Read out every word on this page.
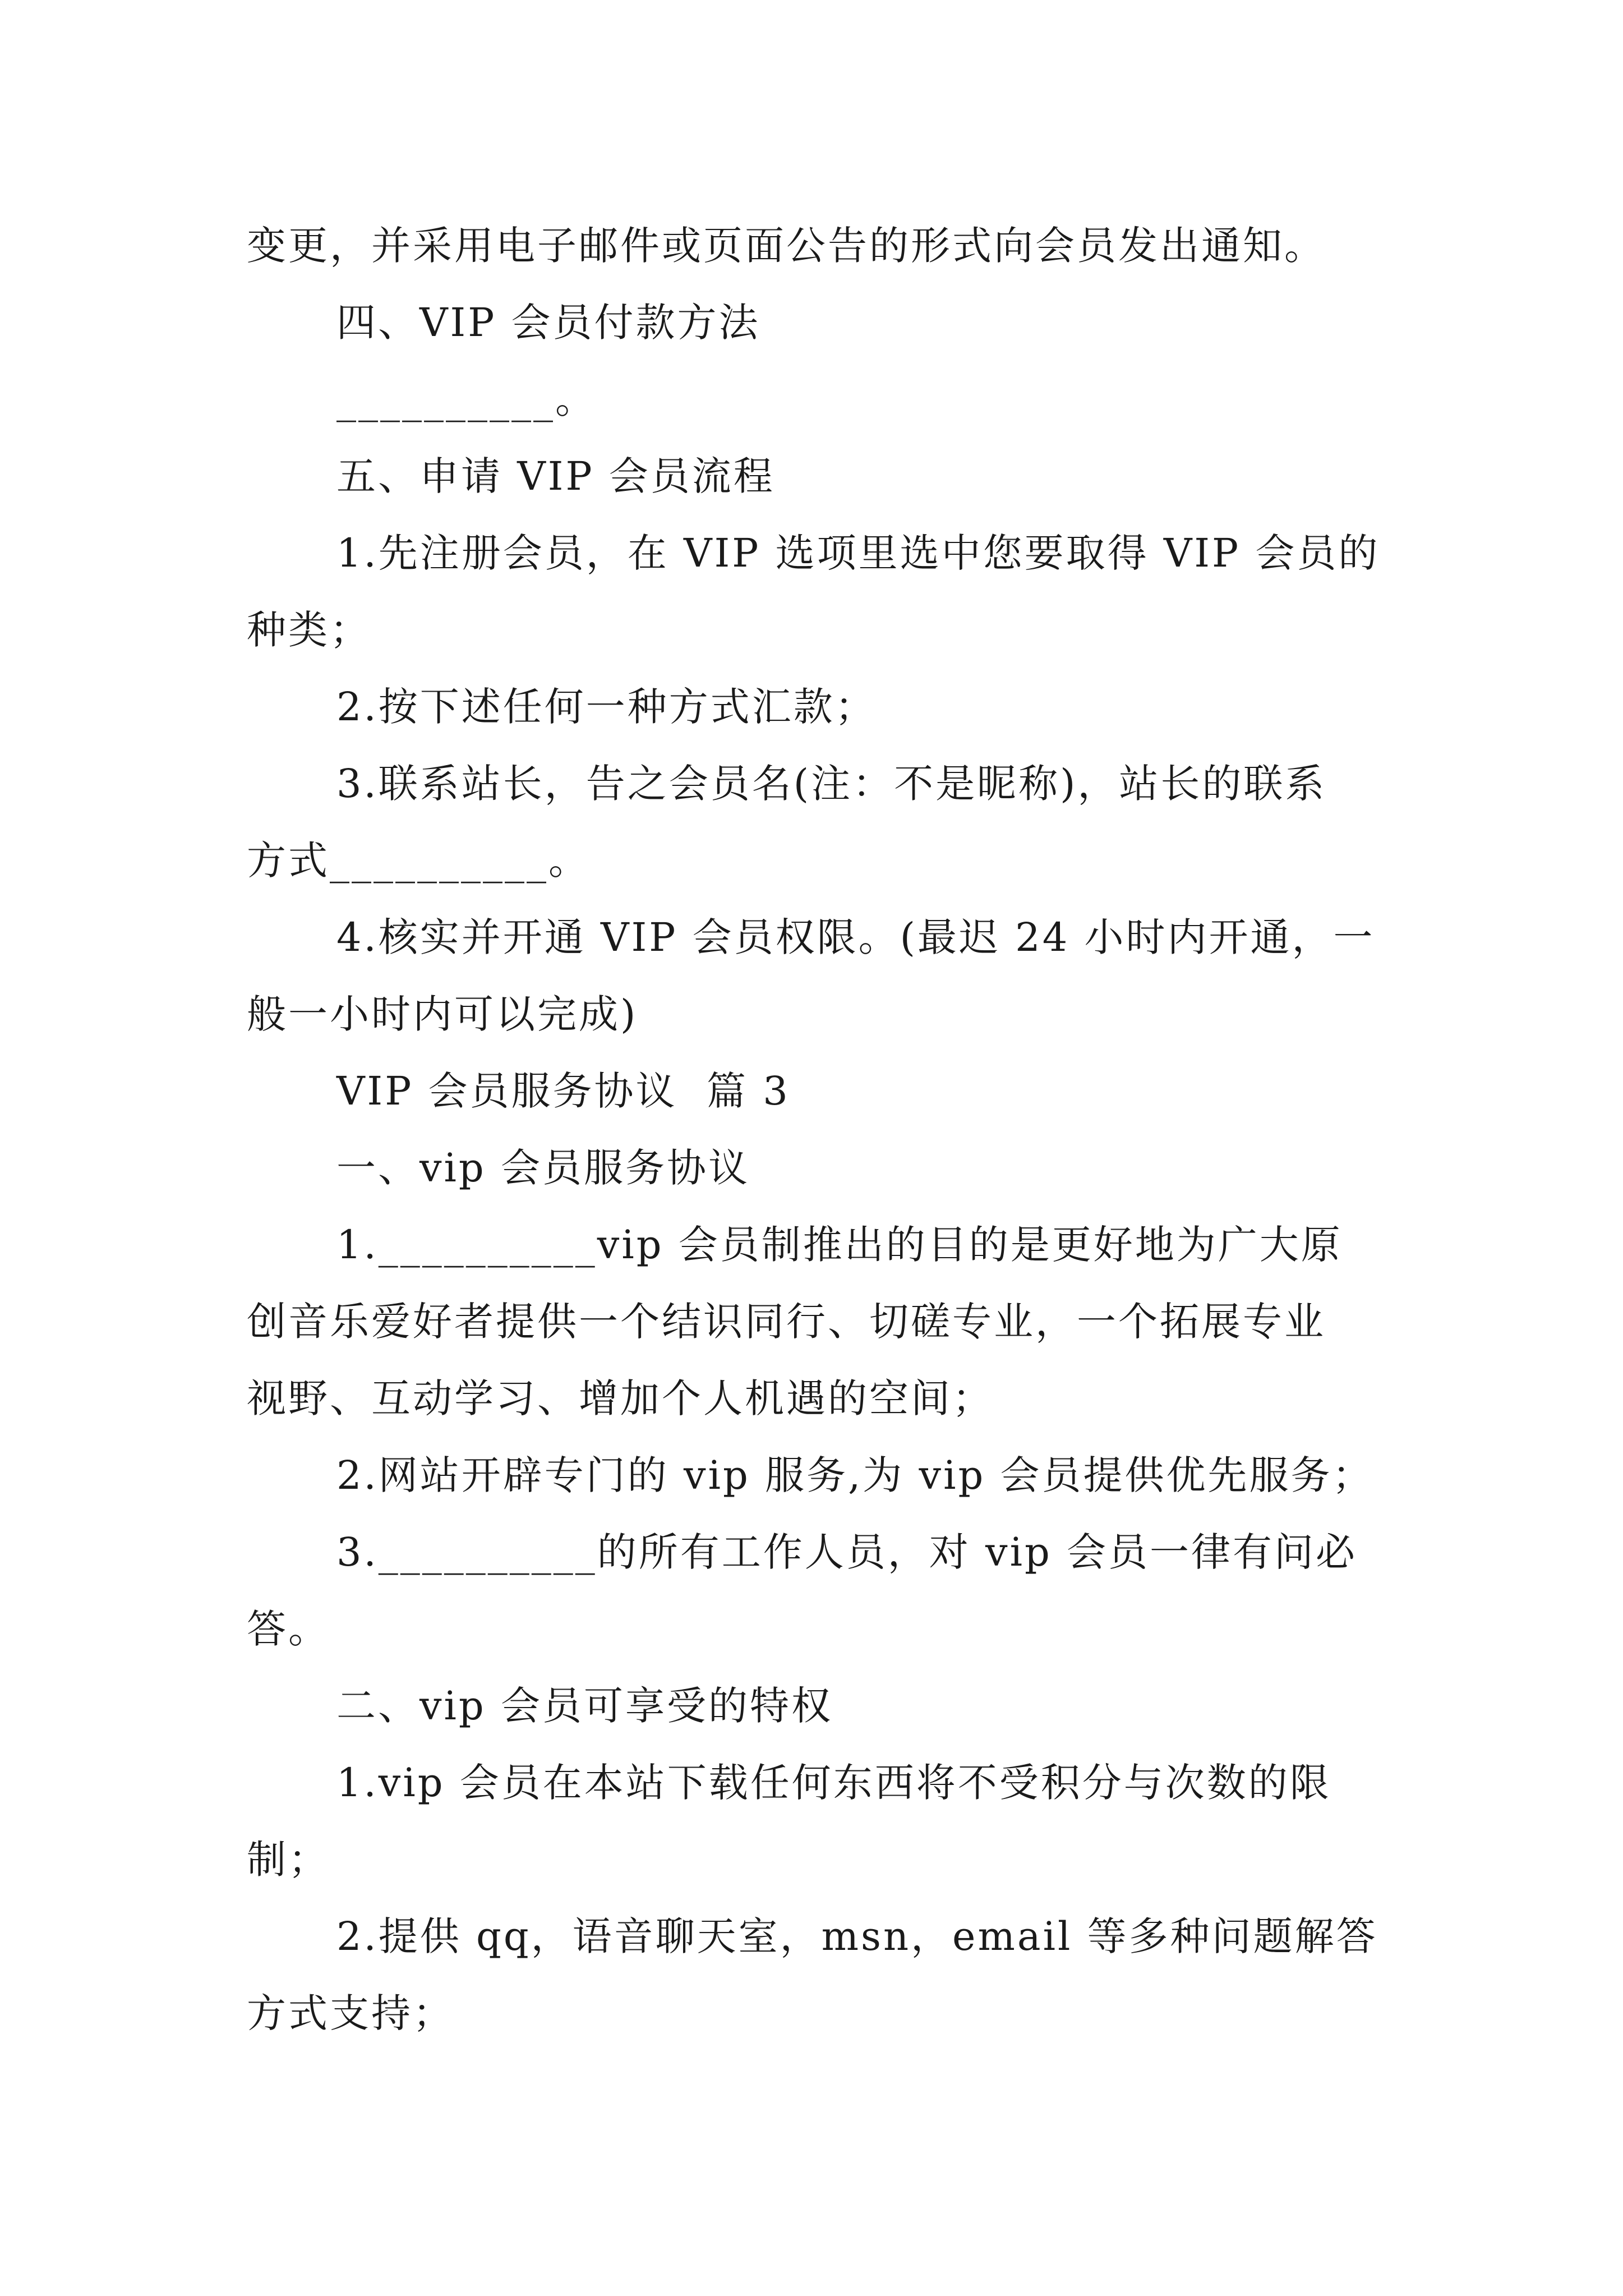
变更，并采用电子邮件或页面公告的形式向会员发出通知。

四、VIP 会员付款方法

__________。

五、申请 VIP 会员流程

1.先注册会员，在 VIP 选项里选中您要取得 VIP 会员的

种类；

2.按下述任何一种方式汇款；

3.联系站长，告之会员名(注：不是昵称)，站长的联系

方式__________。

4.核实并开通 VIP 会员权限。(最迟 24 小时内开通，一

般一小时内可以完成)

VIP 会员服务协议  篇 3

一、vip 会员服务协议

1.__________vip 会员制推出的目的是更好地为广大原

创音乐爱好者提供一个结识同行、切磋专业，一个拓展专业

视野、互动学习、增加个人机遇的空间；

2.网站开辟专门的 vip 服务,为 vip 会员提供优先服务；

3.__________的所有工作人员，对 vip 会员一律有问必

答。

二、vip 会员可享受的特权

1.vip 会员在本站下载任何东西将不受积分与次数的限

制；

2.提供 qq，语音聊天室，msn，email 等多种问题解答

方式支持；
